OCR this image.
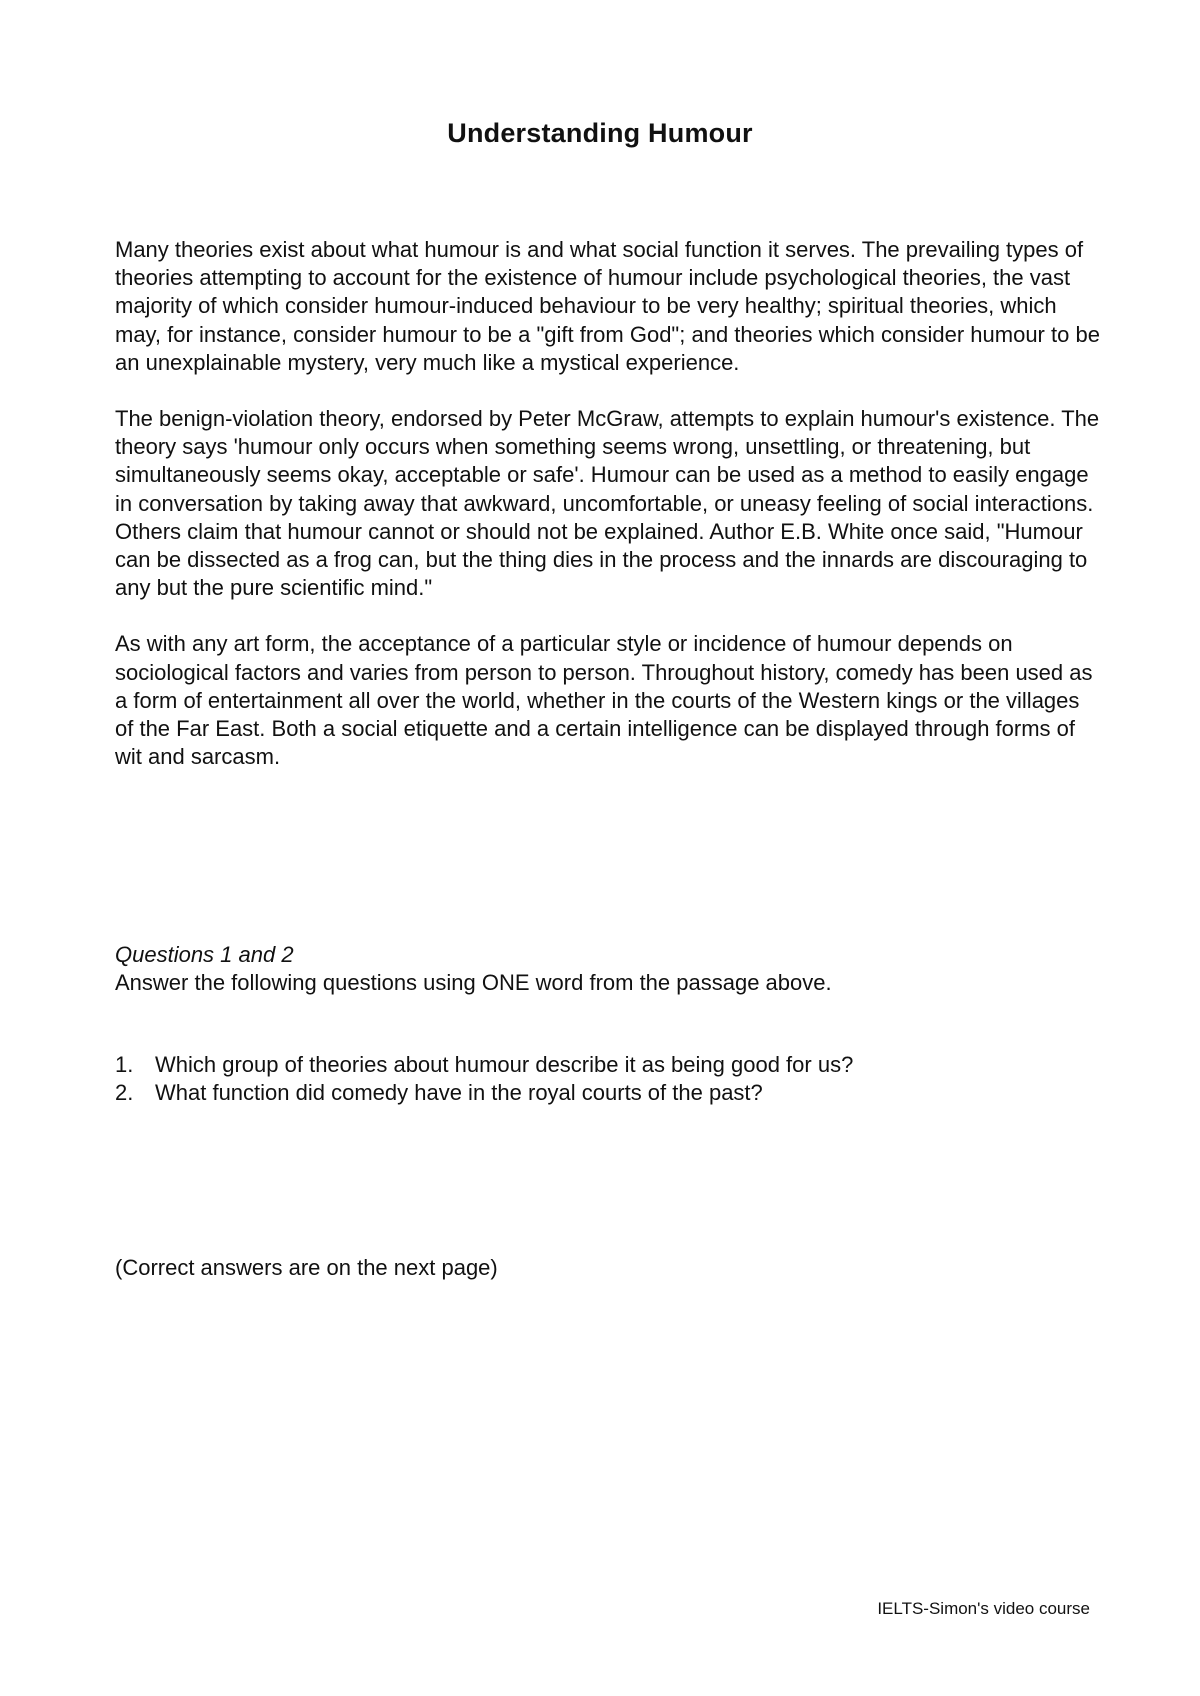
Understanding Humour

Many theories exist about what humour is and what social function it serves. The prevailing types of theories attempting to account for the existence of humour include psychological theories, the vast majority of which consider humour-induced behaviour to be very healthy; spiritual theories, which may, for instance, consider humour to be a "gift from God"; and theories which consider humour to be an unexplainable mystery, very much like a mystical experience.

The benign-violation theory, endorsed by Peter McGraw, attempts to explain humour's existence. The theory says 'humour only occurs when something seems wrong, unsettling, or threatening, but simultaneously seems okay, acceptable or safe'. Humour can be used as a method to easily engage in conversation by taking away that awkward, uncomfortable, or uneasy feeling of social interactions. Others claim that humour cannot or should not be explained. Author E.B. White once said, "Humour can be dissected as a frog can, but the thing dies in the process and the innards are discouraging to any but the pure scientific mind."

As with any art form, the acceptance of a particular style or incidence of humour depends on sociological factors and varies from person to person. Throughout history, comedy has been used as a form of entertainment all over the world, whether in the courts of the Western kings or the villages of the Far East. Both a social etiquette and a certain intelligence can be displayed through forms of wit and sarcasm.

Questions 1 and 2

Answer the following questions using ONE word from the passage above.

1. Which group of theories about humour describe it as being good for us?
2. What function did comedy have in the royal courts of the past?
(Correct answers are on the next page)
IELTS-Simon's video course
